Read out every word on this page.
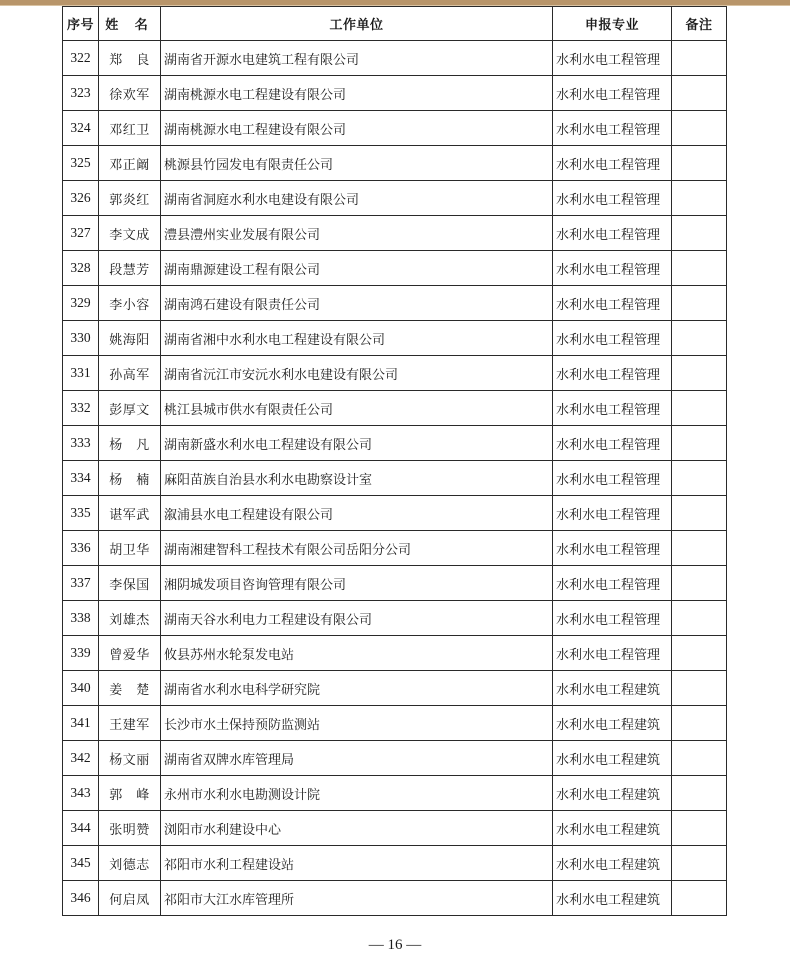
序号	姓 名	工作单位	申报专业	备注
322	郑　良	湖南省开源水电建筑工程有限公司	水利水电工程管理	
323	徐欢军	湖南桃源水电工程建设有限公司	水利水电工程管理	
324	邓红卫	湖南桃源水电工程建设有限公司	水利水电工程管理	
325	邓正阚	桃源县竹园发电有限责任公司	水利水电工程管理	
326	郭炎红	湖南省洞庭水利水电建设有限公司	水利水电工程管理	
327	李文成	澧县澧州实业发展有限公司	水利水电工程管理	
328	段慧芳	湖南鼎源建设工程有限公司	水利水电工程管理	
329	李小容	湖南鸿石建设有限责任公司	水利水电工程管理	
330	姚海阳	湖南省湘中水利水电工程建设有限公司	水利水电工程管理	
331	孙高军	湖南省沅江市安沅水利水电建设有限公司	水利水电工程管理	
332	彭厚文	桃江县城市供水有限责任公司	水利水电工程管理	
333	杨　凡	湖南新盛水利水电工程建设有限公司	水利水电工程管理	
334	杨　楠	麻阳苗族自治县水利水电勘察设计室	水利水电工程管理	
335	谌军武	溆浦县水电工程建设有限公司	水利水电工程管理	
336	胡卫华	湖南湘建智科工程技术有限公司岳阳分公司	水利水电工程管理	
337	李保国	湘阴城发项目咨询管理有限公司	水利水电工程管理	
338	刘雄杰	湖南天谷水利电力工程建设有限公司	水利水电工程管理	
339	曾爱华	攸县苏州水轮泵发电站	水利水电工程管理	
340	姜　楚	湖南省水利水电科学研究院	水利水电工程建筑	
341	王建军	长沙市水土保持预防监测站	水利水电工程建筑	
342	杨文丽	湖南省双牌水库管理局	水利水电工程建筑	
343	郭　峰	永州市水利水电勘测设计院	水利水电工程建筑	
344	张明赞	浏阳市水利建设中心	水利水电工程建筑	
345	刘德志	祁阳市水利工程建设站	水利水电工程建筑	
346	何启凤	祁阳市大江水库管理所	水利水电工程建筑	
— 16 —
